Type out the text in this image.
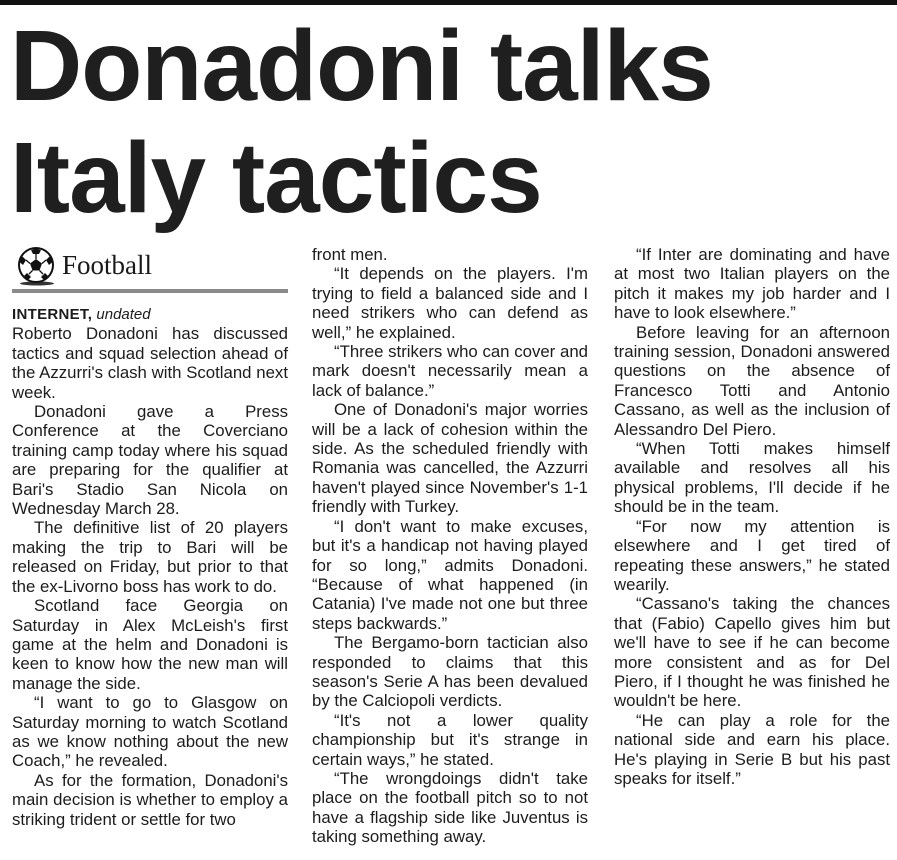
Donadoni talks
Italy tactics
Football

INTERNET, undated

Roberto Donadoni has discussed tactics and squad selection ahead of the Azzurri's clash with Scotland next week.

Donadoni gave a Press Conference at the Coverciano training camp today where his squad are preparing for the qualifier at Bari's Stadio San Nicola on Wednesday March 28.

The definitive list of 20 players making the trip to Bari will be released on Friday, but prior to that the ex-Livorno boss has work to do.

Scotland face Georgia on Saturday in Alex McLeish's first game at the helm and Donadoni is keen to know how the new man will manage the side.

“I want to go to Glasgow on Saturday morning to watch Scotland as we know nothing about the new Coach,” he revealed.

As for the formation, Donadoni's main decision is whether to employ a striking trident or settle for two

front men.

“It depends on the players. I'm trying to field a balanced side and I need strikers who can defend as well,” he explained.

“Three strikers who can cover and mark doesn't necessarily mean a lack of balance.”

One of Donadoni's major worries will be a lack of cohesion within the side. As the scheduled friendly with Romania was cancelled, the Azzurri haven't played since November's 1-1 friendly with Turkey.

“I don't want to make excuses, but it's a handicap not having played for so long,” admits Donadoni. “Because of what happened (in Catania) I've made not one but three steps backwards.”

The Bergamo-born tactician also responded to claims that this season's Serie A has been devalued by the Calciopoli verdicts.

“It's not a lower quality championship but it's strange in certain ways,” he stated.

“The wrongdoings didn't take place on the football pitch so to not have a flagship side like Juventus is taking something away.

“If Inter are dominating and have at most two Italian players on the pitch it makes my job harder and I have to look elsewhere.”

Before leaving for an afternoon training session, Donadoni answered questions on the absence of Francesco Totti and Antonio Cassano, as well as the inclusion of Alessandro Del Piero.

“When Totti makes himself available and resolves all his physical problems, I'll decide if he should be in the team.

“For now my attention is elsewhere and I get tired of repeating these answers,” he stated wearily.

“Cassano's taking the chances that (Fabio) Capello gives him but we'll have to see if he can become more consistent and as for Del Piero, if I thought he was finished he wouldn't be here.

“He can play a role for the national side and earn his place. He's playing in Serie B but his past speaks for itself.”
